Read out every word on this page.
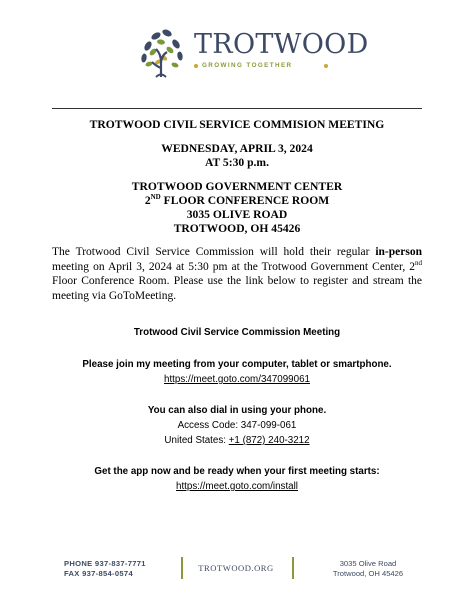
TROTWOOD
GROWING TOGETHER
TROTWOOD CIVIL SERVICE COMMISION MEETING
WEDNESDAY, APRIL 3, 2024
AT 5:30 p.m.
TROTWOOD GOVERNMENT CENTER
2ND FLOOR CONFERENCE ROOM
3035 OLIVE ROAD
TROTWOOD, OH 45426
The Trotwood Civil Service Commission will hold their regular in-person meeting on April 3, 2024 at 5:30 pm at the Trotwood Government Center, 2nd Floor Conference Room. Please use the link below to register and stream the meeting via GoToMeeting.
Trotwood Civil Service Commission Meeting
Please join my meeting from your computer, tablet or smartphone.
https://meet.goto.com/347099061
You can also dial in using your phone.
Access Code: 347-099-061
United States: +1 (872) 240-3212
Get the app now and be ready when your first meeting starts:
https://meet.goto.com/install
PHONE 937-837-7771
FAX 937-854-0574
TROTWOOD.ORG	3035 Olive Road
Trotwood, OH 45426
